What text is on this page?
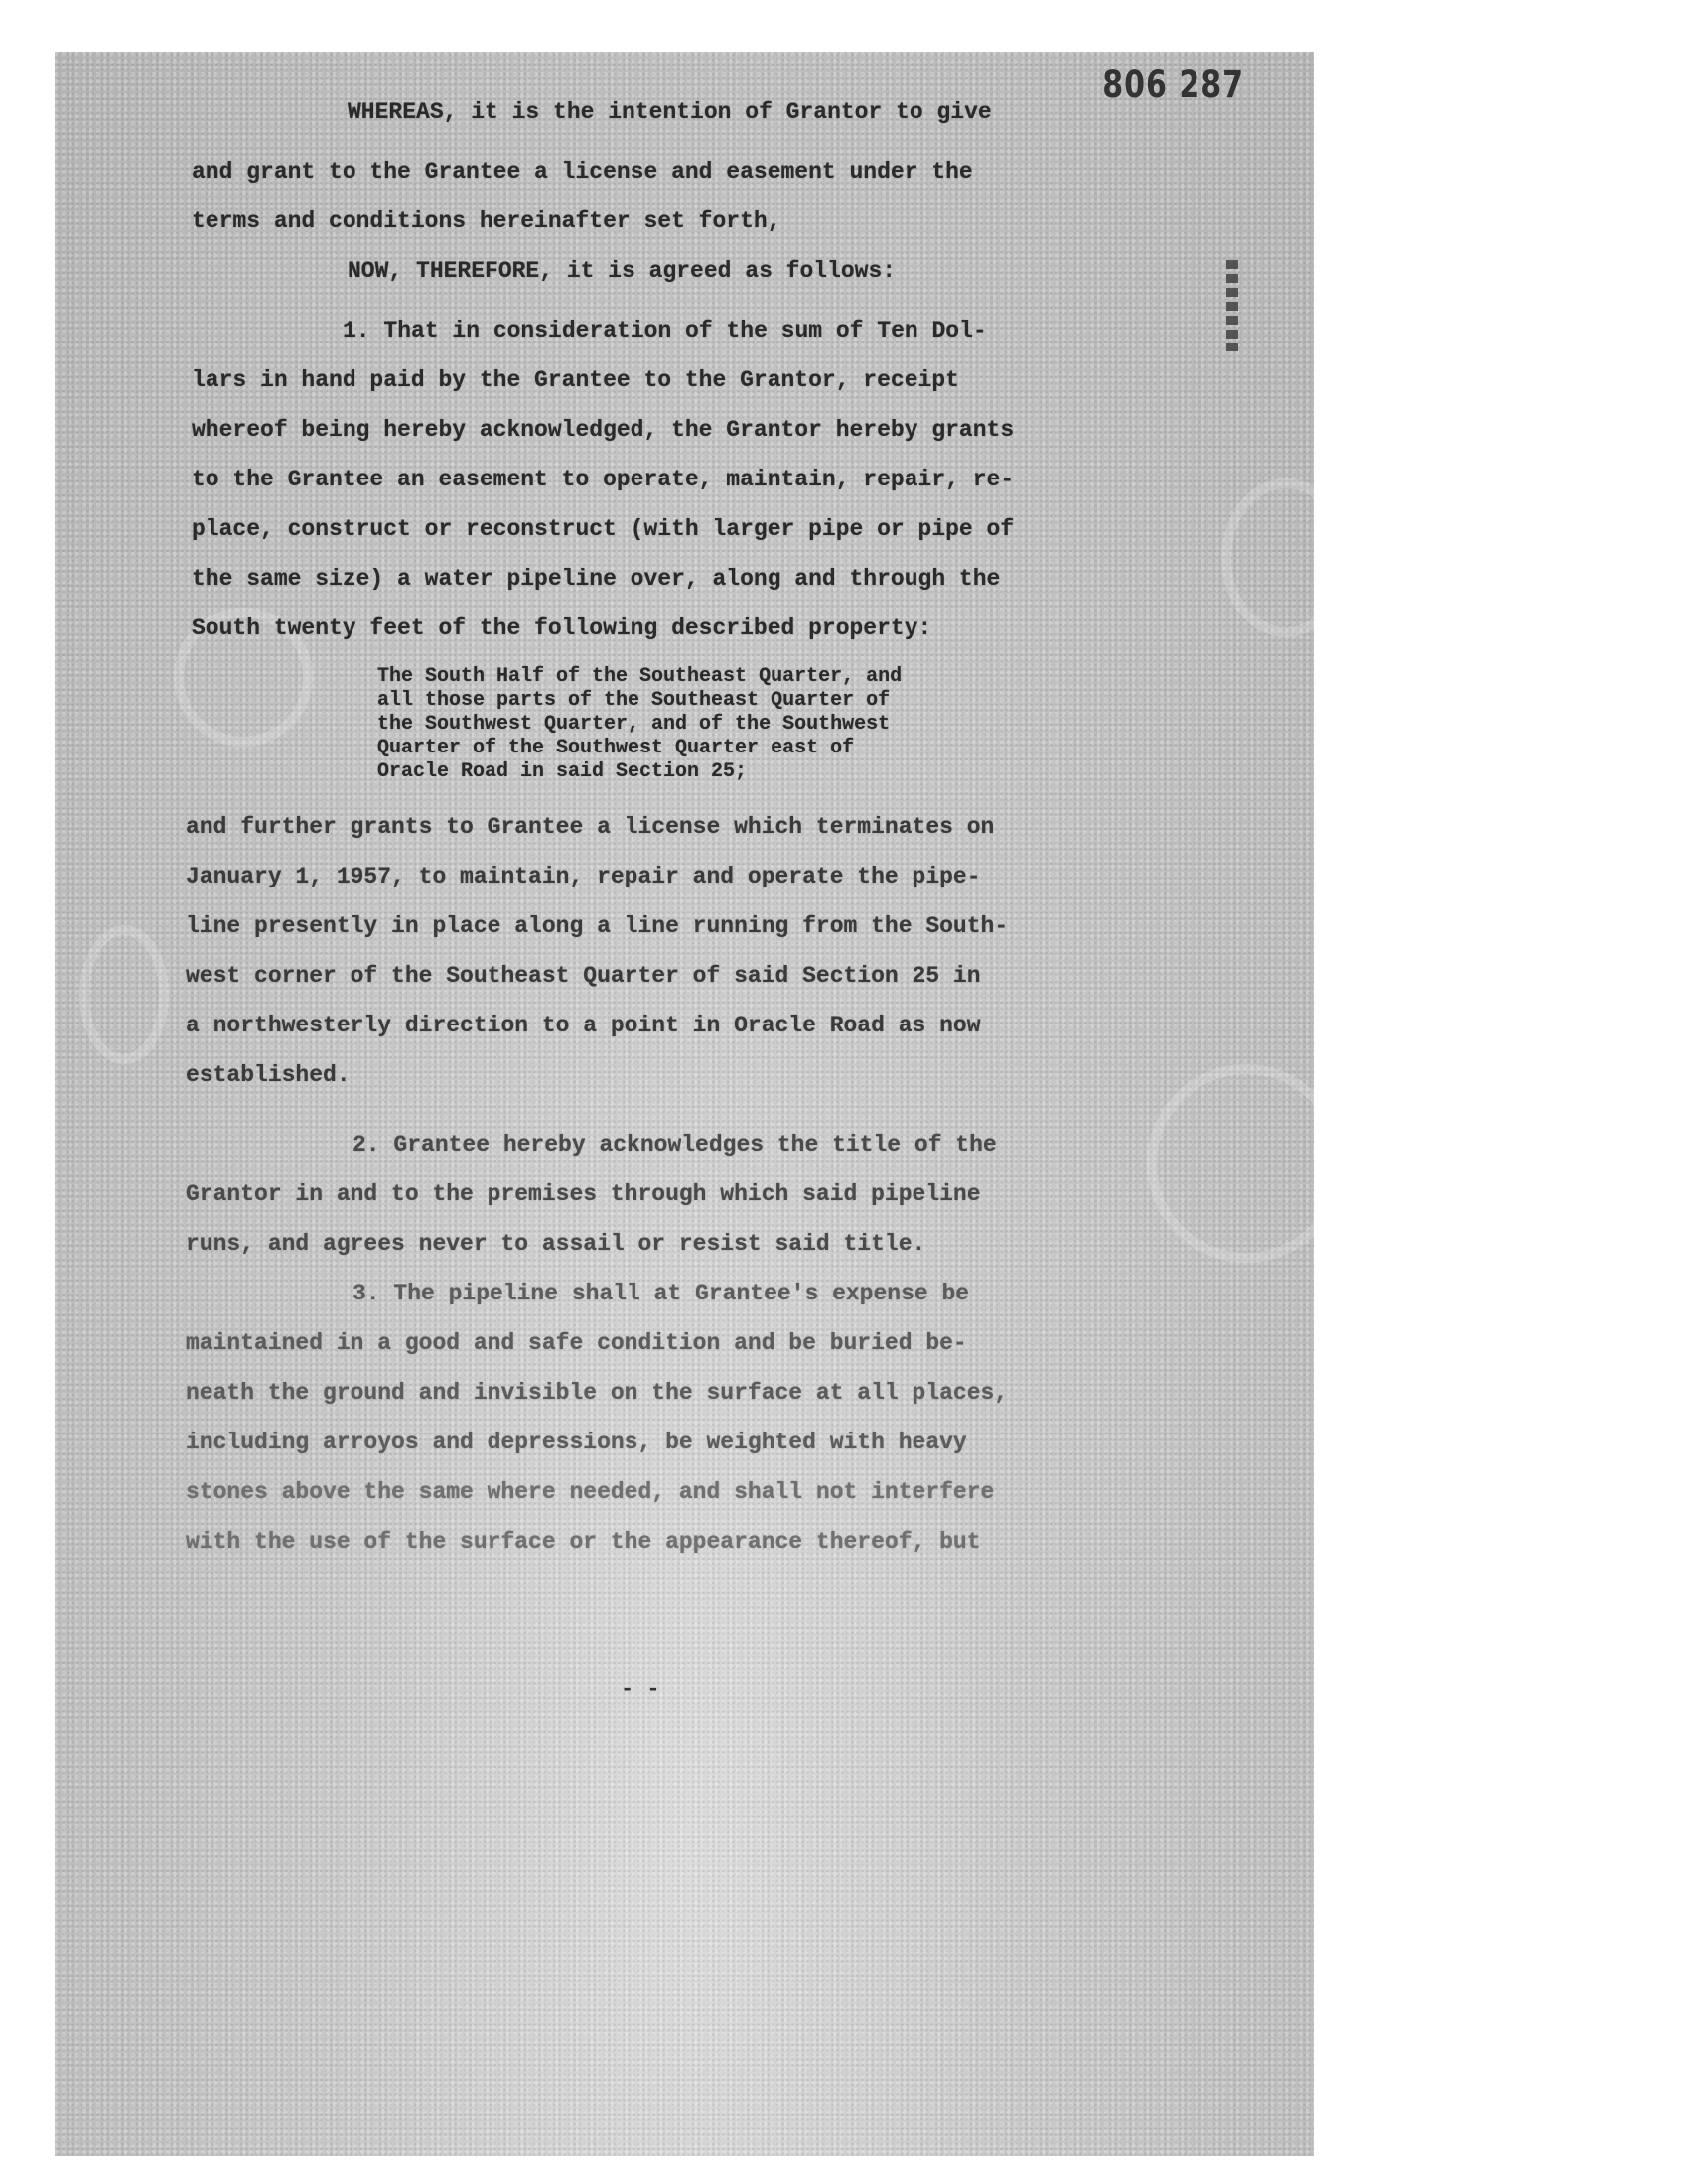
806 287
WHEREAS, it is the intention of Grantor to give
and grant to the Grantee a license and easement under the
terms and conditions hereinafter set forth,
NOW, THEREFORE, it is agreed as follows:
1. That in consideration of the sum of Ten Dol-
lars in hand paid by the Grantee to the Grantor, receipt
whereof being hereby acknowledged, the Grantor hereby grants
to the Grantee an easement to operate, maintain, repair, re-
place, construct or reconstruct (with larger pipe or pipe of
the same size) a water pipeline over, along and through the
South twenty feet of the following described property:
The South Half of the Southeast Quarter, and
all those parts of the Southeast Quarter of
the Southwest Quarter, and of the Southwest
Quarter of the Southwest Quarter east of
Oracle Road in said Section 25;
and further grants to Grantee a license which terminates on
January 1, 1957, to maintain, repair and operate the pipe-
line presently in place along a line running from the South-
west corner of the Southeast Quarter of said Section 25 in
a northwesterly direction to a point in Oracle Road as now
established.
2. Grantee hereby acknowledges the title of the
Grantor in and to the premises through which said pipeline
runs, and agrees never to assail or resist said title.
3. The pipeline shall at Grantee's expense be
maintained in a good and safe condition and be buried be-
neath the ground and invisible on the surface at all places,
including arroyos and depressions, be weighted with heavy
stones above the same where needed, and shall not interfere
with the use of the surface or the appearance thereof, but
- -
